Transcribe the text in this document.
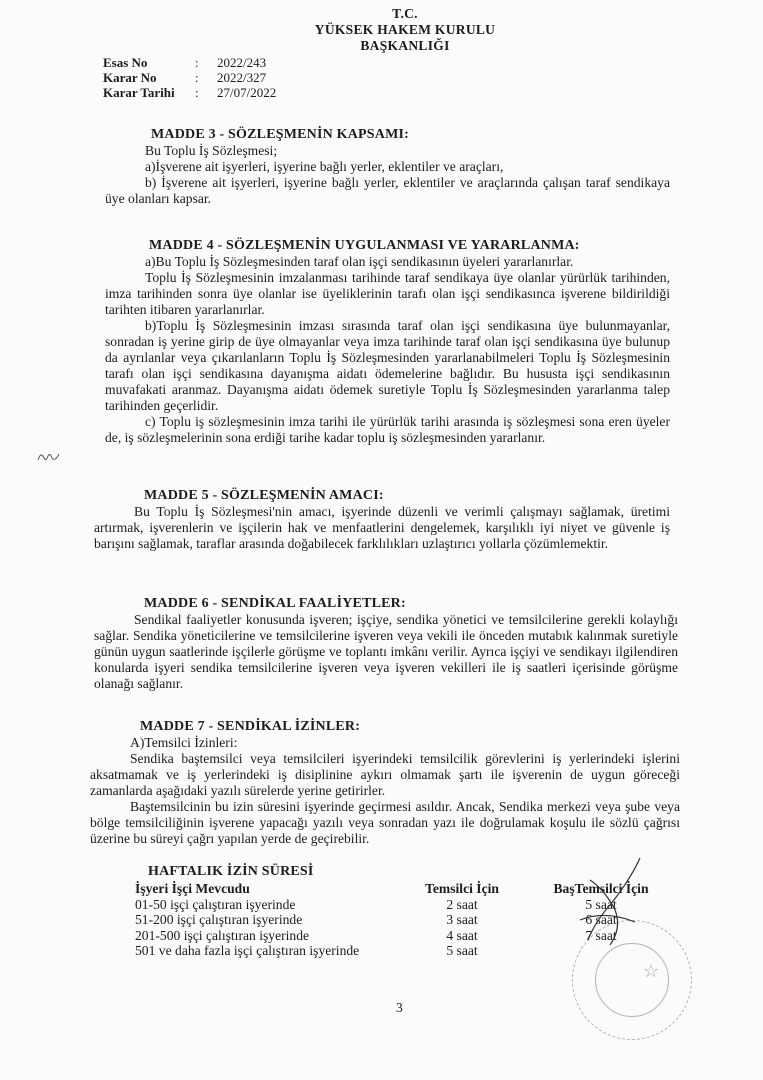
T.C.
YÜKSEK HAKEM KURULU
BAŞKANLIĞI
Esas No	: 2022/243
Karar No	: 2022/327
Karar Tarihi : 27/07/2022
MADDE 3 - SÖZLEŞMENİN KAPSAMI:
Bu Toplu İş Sözleşmesi;
a)İşverene ait işyerleri, işyerine bağlı yerler, eklentiler ve araçları,
b) İşverene ait işyerleri, işyerine bağlı yerler, eklentiler ve araçlarında çalışan taraf sendikaya üye olanları kapsar.
MADDE 4 - SÖZLEŞMENİN UYGULANMASI VE YARARLANMA:
a)Bu Toplu İş Sözleşmesinden taraf olan işçi sendikasının üyeleri yararlanırlar.
Toplu İş Sözleşmesinin imzalanması tarihinde taraf sendikaya üye olanlar yürürlük tarihinden, imza tarihinden sonra üye olanlar ise üyeliklerinin tarafı olan işçi sendikasınca işverene bildirildiği tarihten itibaren yararlanırlar.
b)Toplu İş Sözleşmesinin imzası sırasında taraf olan işçi sendikasına üye bulunmayanlar, sonradan iş yerine girip de üye olmayanlar veya imza tarihinde taraf olan işçi sendikasına üye bulunup da ayrılanlar veya çıkarılanların Toplu İş Sözleşmesinden yararlanabilmeleri Toplu İş Sözleşmesinin tarafı olan işçi sendikasına dayanışma aidatı ödemelerine bağlıdır. Bu hususta işçi sendikasının muvafakati aranmaz. Dayanışma aidatı ödemek suretiyle Toplu İş Sözleşmesinden yararlanma talep tarihinden geçerlidir.
c) Toplu iş sözleşmesinin imza tarihi ile yürürlük tarihi arasında iş sözleşmesi sona eren üyeler de, iş sözleşmelerinin sona erdiği tarihe kadar toplu iş sözleşmesinden yararlanır.
MADDE 5 - SÖZLEŞMENİN AMACI:
Bu Toplu İş Sözleşmesi'nin amacı, işyerinde düzenli ve verimli çalışmayı sağlamak, üretimi artırmak, işverenlerin ve işçilerin hak ve menfaatlerini dengelemek, karşılıklı iyi niyet ve güvenle iş barışını sağlamak, taraflar arasında doğabilecek farklılıkları uzlaştırıcı yollarla çözümlemektir.
MADDE 6 - SENDİKAL FAALİYETLER:
Sendikal faaliyetler konusunda işveren; işçiye, sendika yönetici ve temsilcilerine gerekli kolaylığı sağlar. Sendika yöneticilerine ve temsilcilerine işveren veya vekili ile önceden mutabık kalınmak suretiyle günün uygun saatlerinde işçilerle görüşme ve toplantı imkânı verilir. Ayrıca işçiyi ve sendikayı ilgilendiren konularda işyeri sendika temsilcilerine işveren veya işveren vekilleri ile iş saatleri içerisinde görüşme olanağı sağlanır.
MADDE 7 - SENDİKAL İZİNLER:
A)Temsilci İzinleri:
Sendika baştemsilci veya temsilcileri işyerindeki temsilcilik görevlerini iş yerlerindeki işlerini aksatmamak ve iş yerlerindeki iş disiplinine aykırı olmamak şartı ile işverenin de uygun göreceği zamanlarda aşağıdaki yazılı sürelerde yerine getirirler.
Baştemsilcinin bu izin süresini işyerinde geçirmesi asıldır. Ancak, Sendika merkezi veya şube veya bölge temsilciliğinin işverene yapacağı yazılı veya sonradan yazı ile doğrulamak koşulu ile sözlü çağrısı üzerine bu süreyi çağrı yapılan yerde de geçirebilir.
HAFTALIK İZİN SÜRESİ
İşyeri İşçi Mevcudu	Temsilci İçin	BaşTemsilci İçin
01-50 işçi çalıştıran işyerinde	2 saat	5 saat
51-200 işçi çalıştıran işyerinde	3 saat	6 saat
201-500 işçi çalıştıran işyerinde	4 saat	7 saat
501 ve daha fazla işçi çalıştıran işyerinde	5 saat	
☆
3
